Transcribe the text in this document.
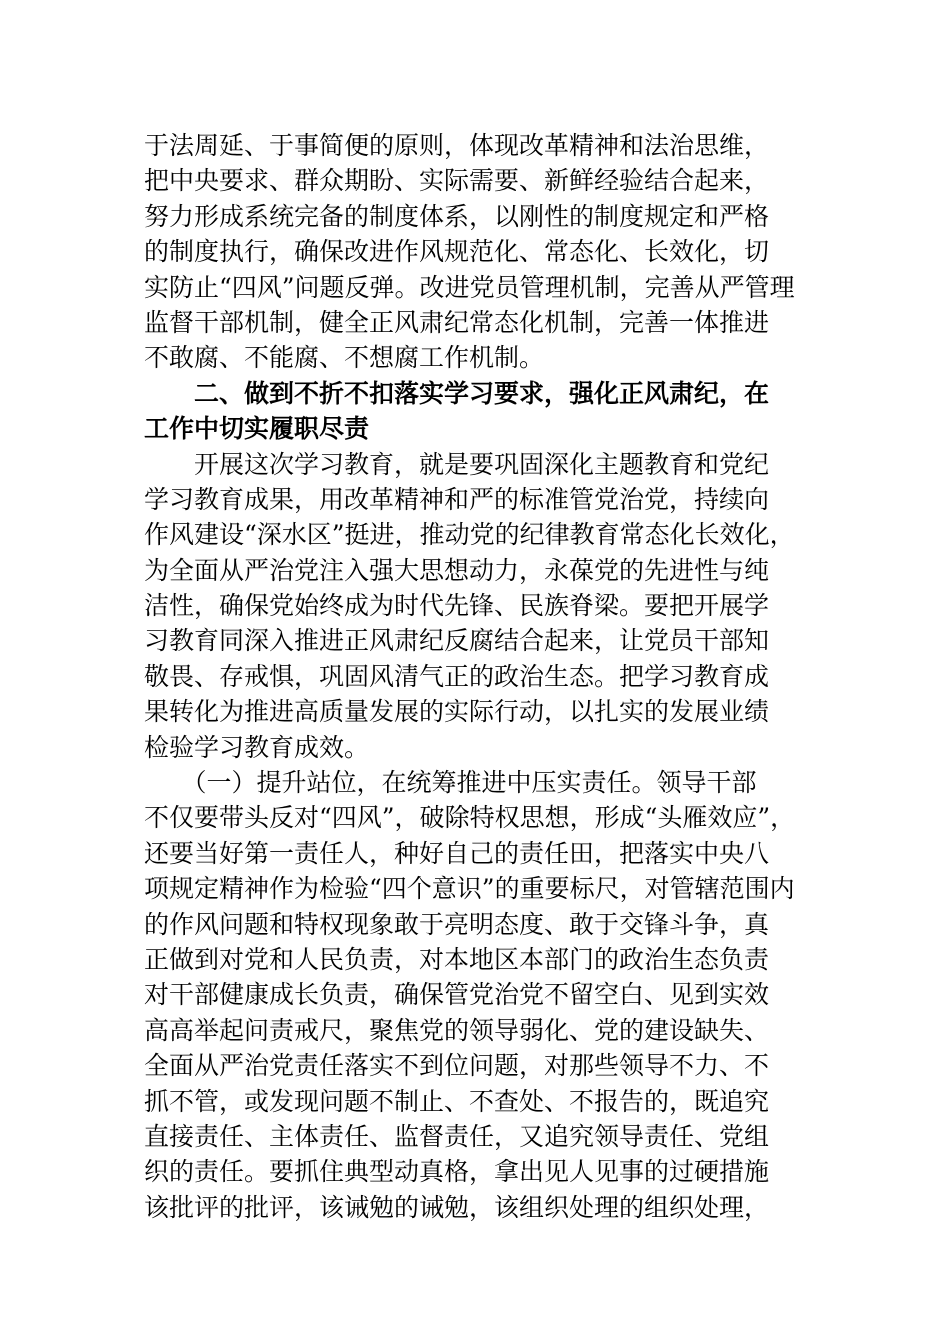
于法周延、于事简便的原则，体现改革精神和法治思维，
把中央要求、群众期盼、实际需要、新鲜经验结合起来，
努力形成系统完备的制度体系，以刚性的制度规定和严格
的制度执行，确保改进作风规范化、常态化、长效化，切
实防止“四风”问题反弹。改进党员管理机制，完善从严管理
监督干部机制，健全正风肃纪常态化机制，完善一体推进
不敢腐、不能腐、不想腐工作机制。
　　二、做到不折不扣落实学习要求，强化正风肃纪，在
工作中切实履职尽责
　　开展这次学习教育，就是要巩固深化主题教育和党纪
学习教育成果，用改革精神和严的标准管党治党，持续向
作风建设“深水区”挺进，推动党的纪律教育常态化长效化，
为全面从严治党注入强大思想动力，永葆党的先进性与纯
洁性，确保党始终成为时代先锋、民族脊梁。要把开展学
习教育同深入推进正风肃纪反腐结合起来，让党员干部知
敬畏、存戒惧，巩固风清气正的政治生态。把学习教育成
果转化为推进高质量发展的实际行动，以扎实的发展业绩
检验学习教育成效。
　　（一）提升站位，在统筹推进中压实责任。领导干部
不仅要带头反对“四风”，破除特权思想，形成“头雁效应”，
还要当好第一责任人，种好自己的责任田，把落实中央八
项规定精神作为检验“四个意识”的重要标尺，对管辖范围内
的作风问题和特权现象敢于亮明态度、敢于交锋斗争，真
正做到对党和人民负责，对本地区本部门的政治生态负责
对干部健康成长负责，确保管党治党不留空白、见到实效
高高举起问责戒尺，聚焦党的领导弱化、党的建设缺失、
全面从严治党责任落实不到位问题，对那些领导不力、不
抓不管，或发现问题不制止、不查处、不报告的，既追究
直接责任、主体责任、监督责任，又追究领导责任、党组
织的责任。要抓住典型动真格，拿出见人见事的过硬措施
该批评的批评，该诫勉的诫勉，该组织处理的组织处理，
